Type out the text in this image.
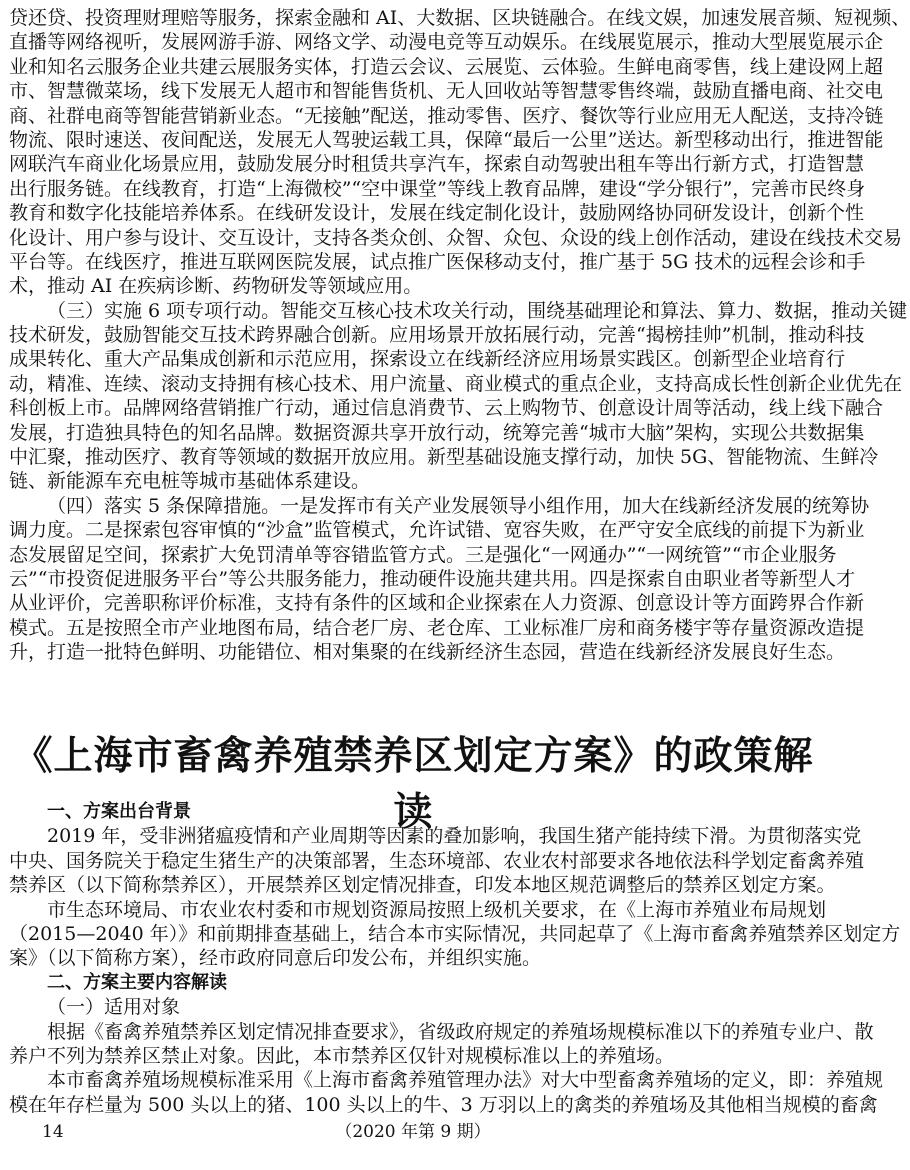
贷还贷、投资理财理赔等服务，探索金融和 AI、大数据、区块链融合。在线文娱，加速发展音频、短视频、
直播等网络视听，发展网游手游、网络文学、动漫电竞等互动娱乐。在线展览展示，推动大型展览展示企
业和知名云服务企业共建云展服务实体，打造云会议、云展览、云体验。生鲜电商零售，线上建设网上超
市、智慧微菜场，线下发展无人超市和智能售货机、无人回收站等智慧零售终端，鼓励直播电商、社交电
商、社群电商等智能营销新业态。“无接触”配送，推动零售、医疗、餐饮等行业应用无人配送，支持冷链
物流、限时速送、夜间配送，发展无人驾驶运载工具，保障“最后一公里”送达。新型移动出行，推进智能
网联汽车商业化场景应用，鼓励发展分时租赁共享汽车，探索自动驾驶出租车等出行新方式，打造智慧
出行服务链。在线教育，打造“上海微校”“空中课堂”等线上教育品牌，建设“学分银行”，完善市民终身
教育和数字化技能培养体系。在线研发设计，发展在线定制化设计，鼓励网络协同研发设计，创新个性
化设计、用户参与设计、交互设计，支持各类众创、众智、众包、众设的线上创作活动，建设在线技术交易
平台等。在线医疗，推进互联网医院发展，试点推广医保移动支付，推广基于 5G 技术的远程会诊和手
术，推动 AI 在疾病诊断、药物研发等领域应用。
（三）实施 6 项专项行动。智能交互核心技术攻关行动，围绕基础理论和算法、算力、数据，推动关键
技术研发，鼓励智能交互技术跨界融合创新。应用场景开放拓展行动，完善“揭榜挂帅”机制，推动科技
成果转化、重大产品集成创新和示范应用，探索设立在线新经济应用场景实践区。创新型企业培育行
动，精准、连续、滚动支持拥有核心技术、用户流量、商业模式的重点企业，支持高成长性创新企业优先在
科创板上市。品牌网络营销推广行动，通过信息消费节、云上购物节、创意设计周等活动，线上线下融合
发展，打造独具特色的知名品牌。数据资源共享开放行动，统筹完善“城市大脑”架构，实现公共数据集
中汇聚，推动医疗、教育等领域的数据开放应用。新型基础设施支撑行动，加快 5G、智能物流、生鲜冷
链、新能源车充电桩等城市基础体系建设。
（四）落实 5 条保障措施。一是发挥市有关产业发展领导小组作用，加大在线新经济发展的统筹协
调力度。二是探索包容审慎的“沙盒”监管模式，允许试错、宽容失败，在严守安全底线的前提下为新业
态发展留足空间，探索扩大免罚清单等容错监管方式。三是强化“一网通办”“一网统管”“市企业服务
云”“市投资促进服务平台”等公共服务能力，推动硬件设施共建共用。四是探索自由职业者等新型人才
从业评价，完善职称评价标准，支持有条件的区域和企业探索在人力资源、创意设计等方面跨界合作新
模式。五是按照全市产业地图布局，结合老厂房、老仓库、工业标准厂房和商务楼宇等存量资源改造提
升，打造一批特色鲜明、功能错位、相对集聚的在线新经济生态园，营造在线新经济发展良好生态。
《上海市畜禽养殖禁养区划定方案》的政策解读
一、方案出台背景
2019 年，受非洲猪瘟疫情和产业周期等因素的叠加影响，我国生猪产能持续下滑。为贯彻落实党
中央、国务院关于稳定生猪生产的决策部署，生态环境部、农业农村部要求各地依法科学划定畜禽养殖
禁养区（以下简称禁养区），开展禁养区划定情况排查，印发本地区规范调整后的禁养区划定方案。
市生态环境局、市农业农村委和市规划资源局按照上级机关要求，在《上海市养殖业布局规划
（2015—2040 年）》和前期排查基础上，结合本市实际情况，共同起草了《上海市畜禽养殖禁养区划定方
案》（以下简称方案），经市政府同意后印发公布，并组织实施。
二、方案主要内容解读
（一）适用对象
根据《畜禽养殖禁养区划定情况排查要求》，省级政府规定的养殖场规模标准以下的养殖专业户、散
养户不列为禁养区禁止对象。因此，本市禁养区仅针对规模标准以上的养殖场。
本市畜禽养殖场规模标准采用《上海市畜禽养殖管理办法》对大中型畜禽养殖场的定义，即：养殖规
模在年存栏量为 500 头以上的猪、100 头以上的牛、3 万羽以上的禽类的养殖场及其他相当规模的畜禽
14	（2020 年第 9 期）
